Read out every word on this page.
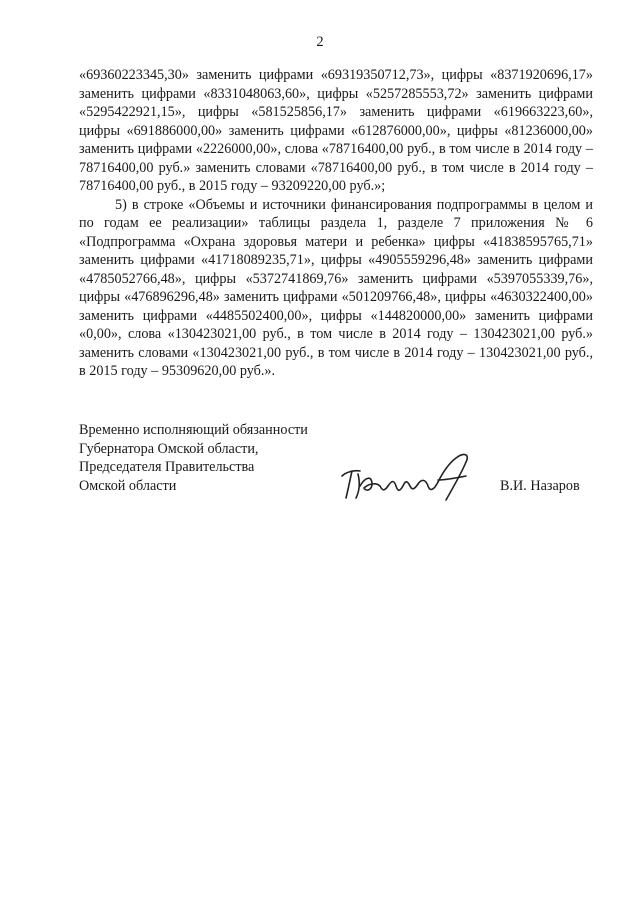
2

«69360223345,30» заменить цифрами «69319350712,73», цифры «8371920696,17» заменить цифрами «8331048063,60», цифры «5257285553,72» заменить цифрами «5295422921,15», цифры «581525856,17» заменить цифрами «619663223,60», цифры «691886000,00» заменить цифрами «612876000,00», цифры «81236000,00» заменить цифрами «2226000,00», слова «78716400,00 руб., в том числе в 2014 году – 78716400,00 руб.» заменить словами «78716400,00 руб., в том числе в 2014 году – 78716400,00 руб., в 2015 году – 93209220,00 руб.»;

5) в строке «Объемы и источники финансирования подпрограммы в целом и по годам ее реализации» таблицы раздела 1, разделе 7 приложения № 6 «Подпрограмма «Охрана здоровья матери и ребенка» цифры «41838595765,71» заменить цифрами «41718089235,71», цифры «4905559296,48» заменить цифрами «4785052766,48», цифры «5372741869,76» заменить цифрами «5397055339,76», цифры «476896296,48» заменить цифрами «501209766,48», цифры «4630322400,00» заменить цифрами «4485502400,00», цифры «144820000,00» заменить цифрами «0,00», слова «130423021,00 руб., в том числе в 2014 году – 130423021,00 руб.» заменить словами «130423021,00 руб., в том числе в 2014 году – 130423021,00 руб., в 2015 году – 95309620,00 руб.».

Временно исполняющий обязанности
Губернатора Омской области,
Председателя Правительства
Омской области	В.И. Назаров
